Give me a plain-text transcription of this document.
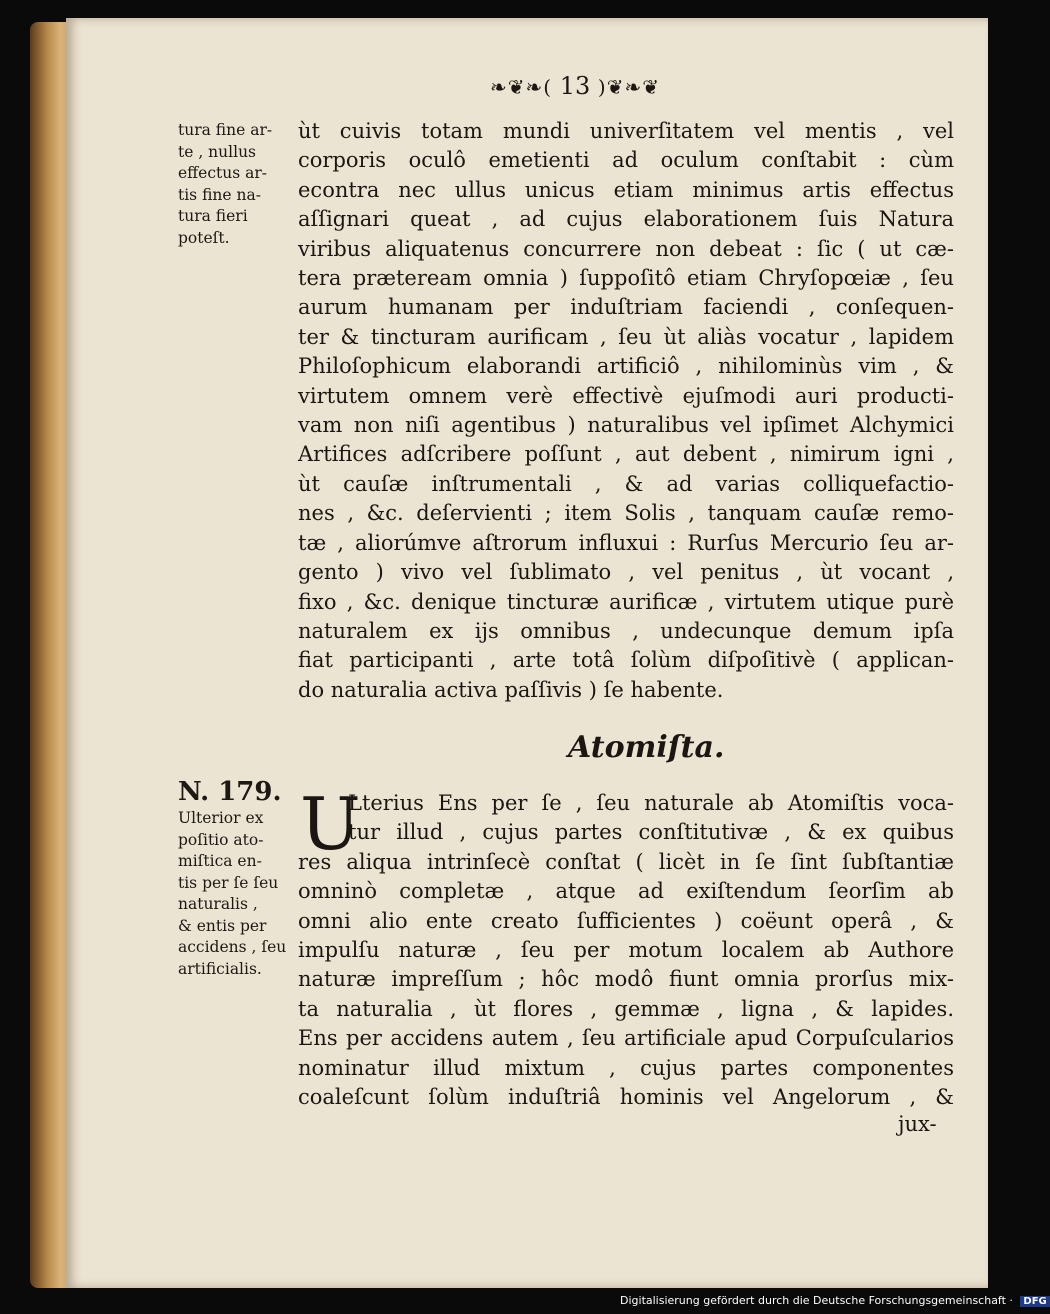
❧❦❧( 13 )❦❧❦
tura fine ar-
te , nullus
effectus ar-
tis fine na-
tura fieri
poteſt.
ùt cuivis totam mundi univerſitatem vel mentis , vel
corporis oculô emetienti ad oculum conſtabit : cùm
econtra nec ullus unicus etiam minimus artis effectus
aſſignari queat , ad cujus elaborationem ſuis Natura
viribus aliquatenus concurrere non debeat : ſic ( ut cæ-
tera prætеream omnia ) ſuppoſitô etiam Chryſopœiæ , ſeu
aurum humanam per induſtriam faciendi , conſequen-
ter & tincturam aurificam , ſeu ùt aliàs vocatur , lapidem
Philoſophicum elaborandi artificiô , nihilominùs vim , &
virtutem omnem verè effectivè ejuſmodi auri producti-
vam non niſi agentibus ) naturalibus vel ipſimet Alchymici
Artifices adſcribere poſſunt , aut debent , nimirum igni ,
ùt cauſæ inſtrumentali , & ad varias colliquefactio-
nes , &c. deſervienti ; item Solis , tanquam cauſæ remo-
tæ , aliorúmve aſtrorum influxui : Rurſus Mercurio ſeu ar-
gento ) vivo vel ſublimato , vel penitus , ùt vocant ,
fixo , &c. denique tincturæ aurificæ , virtutem utique purè
naturalem ex ijs omnibus , undecunque demum ipſa
fiat participanti , arte totâ ſolùm diſpoſitivè ( applican-
do naturalia activa paſſivis ) ſe habente.
Atomiſta.
N. 179.
Ulterior ex
poſitio ato-
miſtica en-
tis per ſe ſeu
naturalis ,
& entis per
accidens , ſeu
artificialis.
U
Lterius Ens per ſe , ſeu naturale ab Atomiſtis voca-
tur illud , cujus partes conſtitutivæ , & ex quibus
res aliqua intrinſecè conſtat ( licèt in ſe ſint ſubſtantiæ
omninò completæ , atque ad exiſtendum ſeorſim ab
omni alio ente creato ſufficientes ) coëunt operâ , &
impulſu naturæ , ſeu per motum localem ab Authore
naturæ impreſſum ; hôc modô fiunt omnia prorſus mix-
ta naturalia , ùt flores , gemmæ , ligna , & lapides.
Ens per accidens autem , ſeu artificiale apud Corpuſcularios
nominatur illud mixtum , cujus partes componentes
coaleſcunt ſolùm induſtriâ hominis vel Angelorum , &
jux-
Digitalisierung gefördert durch die Deutsche Forschungsgemeinschaft · DFG
